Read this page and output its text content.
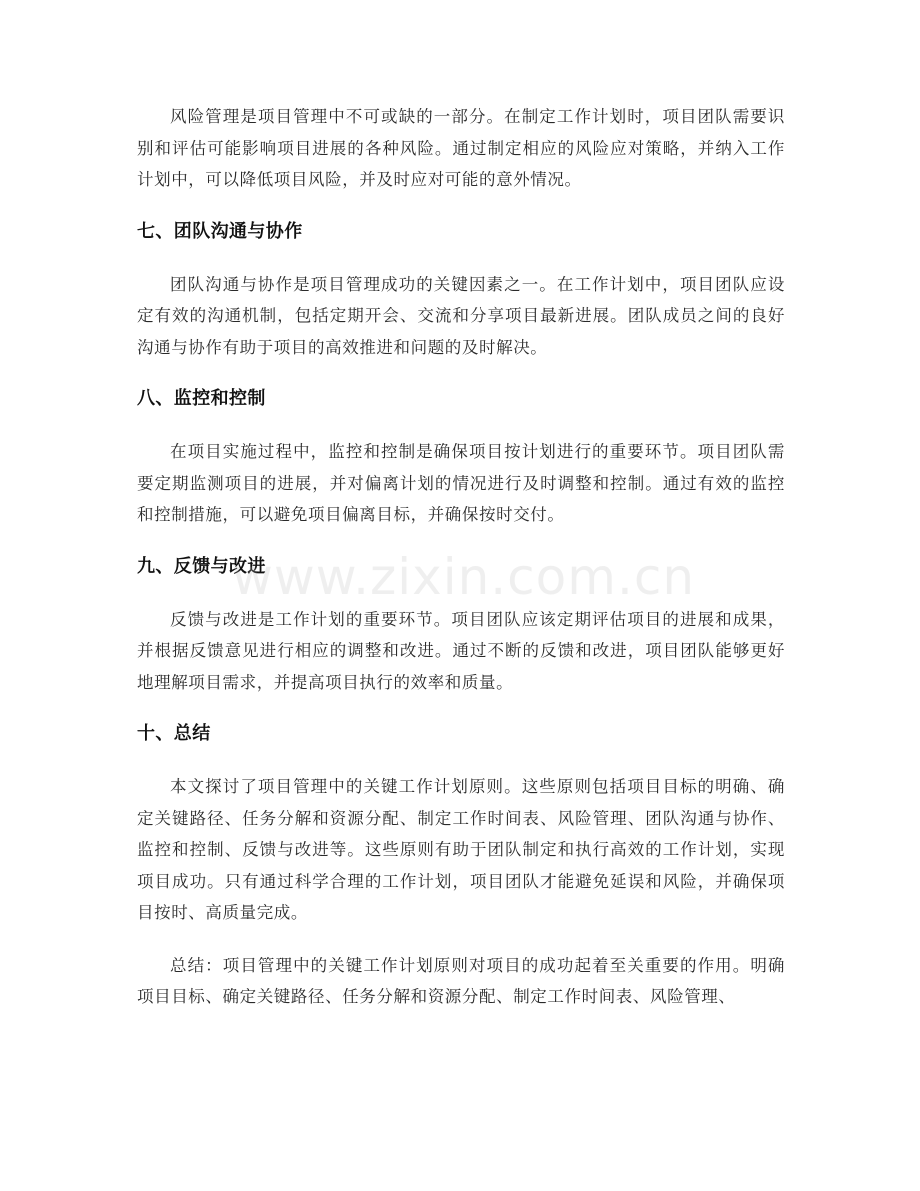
风险管理是项目管理中不可或缺的一部分。在制定工作计划时，项目团队需要识别和评估可能影响项目进展的各种风险。通过制定相应的风险应对策略，并纳入工作计划中，可以降低项目风险，并及时应对可能的意外情况。

七、团队沟通与协作

团队沟通与协作是项目管理成功的关键因素之一。在工作计划中，项目团队应设定有效的沟通机制，包括定期开会、交流和分享项目最新进展。团队成员之间的良好沟通与协作有助于项目的高效推进和问题的及时解决。

八、监控和控制

在项目实施过程中，监控和控制是确保项目按计划进行的重要环节。项目团队需要定期监测项目的进展，并对偏离计划的情况进行及时调整和控制。通过有效的监控和控制措施，可以避免项目偏离目标，并确保按时交付。

九、反馈与改进

反馈与改进是工作计划的重要环节。项目团队应该定期评估项目的进展和成果，并根据反馈意见进行相应的调整和改进。通过不断的反馈和改进，项目团队能够更好地理解项目需求，并提高项目执行的效率和质量。

十、总结

本文探讨了项目管理中的关键工作计划原则。这些原则包括项目目标的明确、确定关键路径、任务分解和资源分配、制定工作时间表、风险管理、团队沟通与协作、监控和控制、反馈与改进等。这些原则有助于团队制定和执行高效的工作计划，实现项目成功。只有通过科学合理的工作计划，项目团队才能避免延误和风险，并确保项目按时、高质量完成。

总结：项目管理中的关键工作计划原则对项目的成功起着至关重要的作用。明确项目目标、确定关键路径、任务分解和资源分配、制定工作时间表、风险管理、

www.zixin.com.cn
